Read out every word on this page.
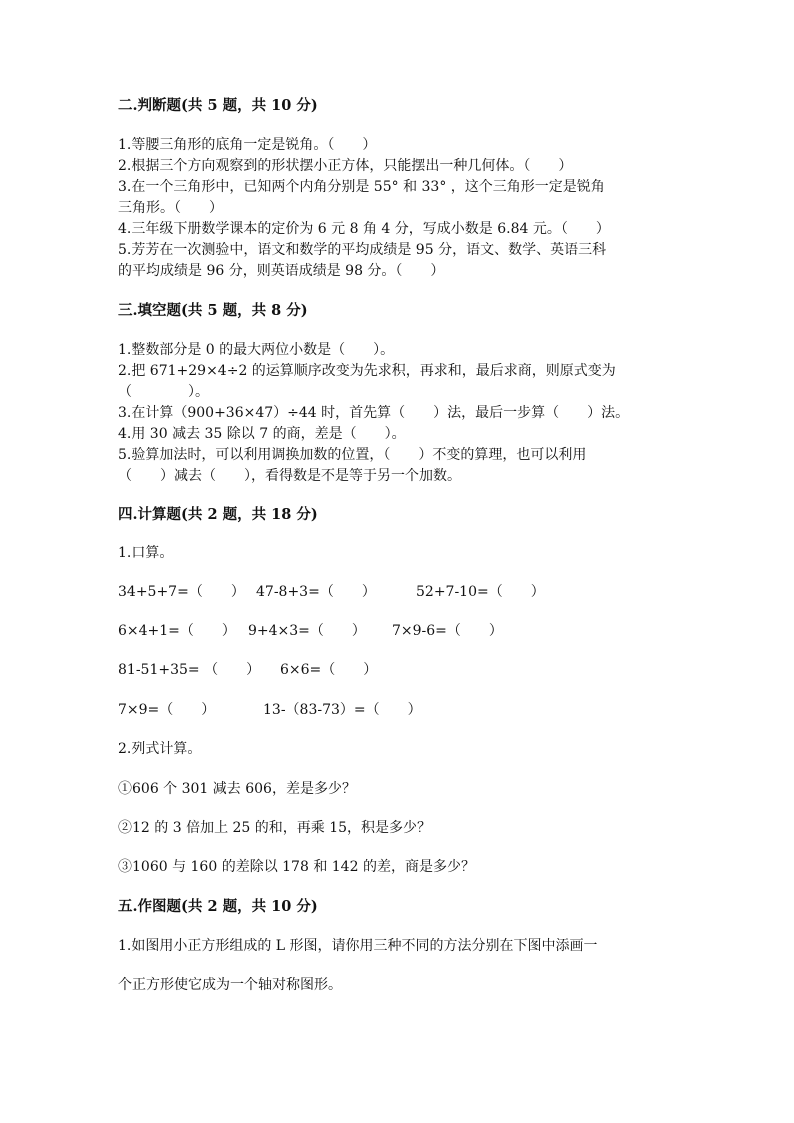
二.判断题(共 5 题，共 10 分)
1.等腰三角形的底角一定是锐角。（　　）
2.根据三个方向观察到的形状摆小正方体，只能摆出一种几何体。（　　）
3.在一个三角形中，已知两个内角分别是 55° 和 33° ，这个三角形一定是锐角
三角形。（　　）
4.三年级下册数学课本的定价为 6 元 8 角 4 分，写成小数是 6.84 元。（　　）
5.芳芳在一次测验中，语文和数学的平均成绩是 95 分，语文、数学、英语三科
的平均成绩是 96 分，则英语成绩是 98 分。（　　）
三.填空题(共 5 题，共 8 分)
1.整数部分是 0 的最大两位小数是（　　）。
2.把 671+29×4÷2 的运算顺序改变为先求积，再求和，最后求商，则原式变为
（　　　　）。
3.在计算（900+36×47）÷44 时，首先算（　　）法，最后一步算（　　）法。
4.用 30 减去 35 除以 7 的商，差是（　　）。
5.验算加法时，可以利用调换加数的位置，（　　）不变的算理，也可以利用
（　　）减去（　　），看得数是不是等于另一个加数。
四.计算题(共 2 题，共 18 分)
1.口算。
34+5+7=（　　） 47-8+3=（　　）	52+7-10=（　　）
6×4+1=（　　） 9+4×3=（　　） 7×9-6=（　　）
81-51+35= （　　） 6×6=（　　）
7×9=（　　）	13-（83-73）=（　　）
2.列式计算。
①606 个 301 减去 606，差是多少？
②12 的 3 倍加上 25 的和，再乘 15，积是多少？
③1060 与 160 的差除以 178 和 142 的差，商是多少？
五.作图题(共 2 题，共 10 分)
1.如图用小正方形组成的 L 形图，请你用三种不同的方法分别在下图中添画一
个正方形使它成为一个轴对称图形。
